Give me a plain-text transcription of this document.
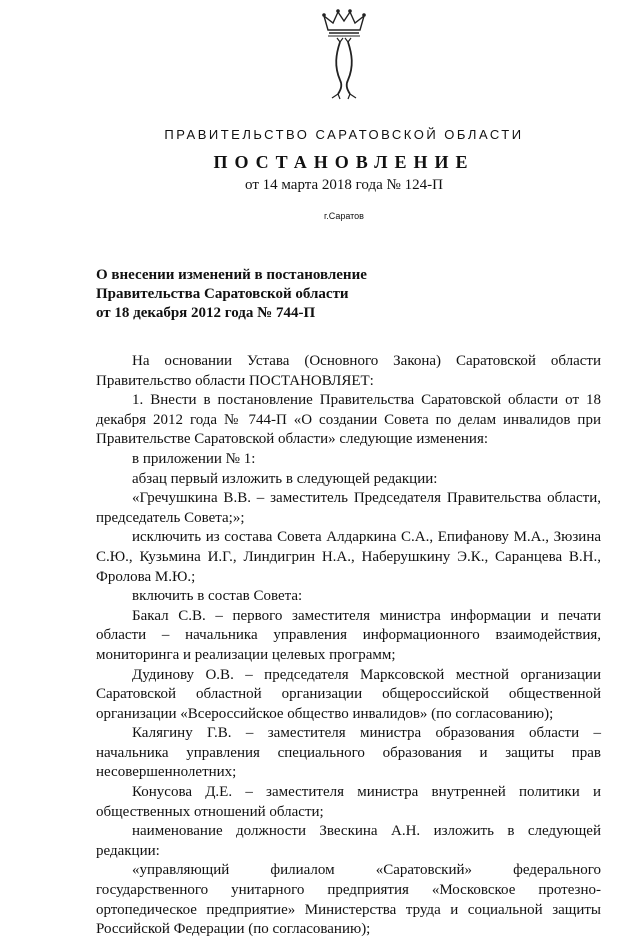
ПРАВИТЕЛЬСТВО САРАТОВСКОЙ ОБЛАСТИ
ПОСТАНОВЛЕНИЕ
от 14 марта 2018 года № 124-П
г.Саратов
О внесении изменений в постановление
Правительства Саратовской области
от 18 декабря 2012 года № 744-П

На основании Устава (Основного Закона) Саратовской области Правительство области ПОСТАНОВЛЯЕТ:

1. Внести в постановление Правительства Саратовской области от 18 декабря 2012 года № 744-П «О создании Совета по делам инвалидов при Правительстве Саратовской области» следующие изменения:

в приложении № 1:

абзац первый изложить в следующей редакции:

«Гречушкина В.В. – заместитель Председателя Правительства области, председатель Совета;»;

исключить из состава Совета Алдаркина С.А., Епифанову М.А., Зюзина С.Ю., Кузьмина И.Г., Линдигрин Н.А., Наберушкину Э.К., Саранцева В.Н., Фролова М.Ю.;

включить в состав Совета:

Бакал С.В. – первого заместителя министра информации и печати области – начальника управления информационного взаимодействия, мониторинга и реализации целевых программ;

Дудинову О.В. – председателя Марксовской местной организации Саратовской областной организации общероссийской общественной организации «Всероссийское общество инвалидов» (по согласованию);

Калягину Г.В. – заместителя министра образования области – начальника управления специального образования и защиты прав несовершеннолетних;

Конусова Д.Е. – заместителя министра внутренней политики и общественных отношений области;

наименование должности Звескина А.Н. изложить в следующей редакции:

«управляющий филиалом «Саратовский» федерального государственного унитарного предприятия «Московское протезно-ортопедическое предприятие» Министерства труда и социальной защиты Российской Федерации (по согласованию);
